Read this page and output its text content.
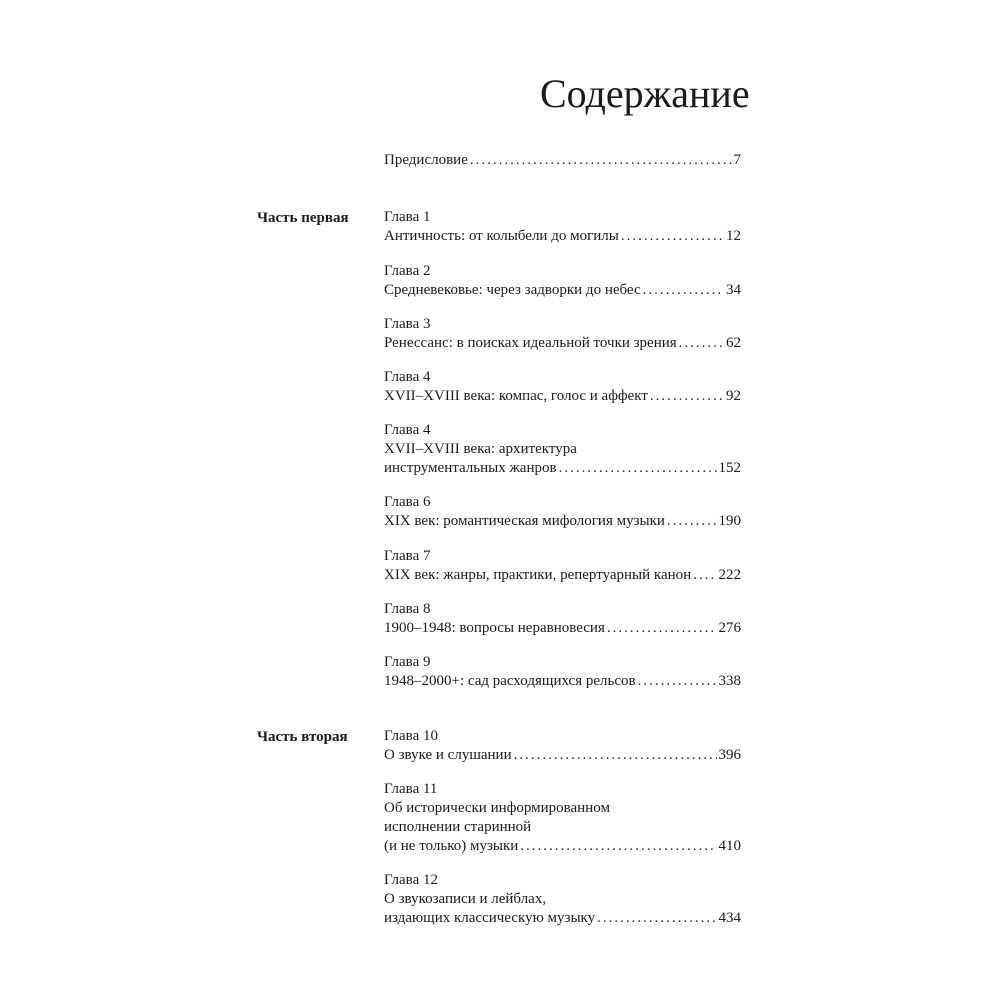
Содержание
Предисловие .....	7
Часть первая Глава 1
Античность: от колыбели до могилы .....	12
Глава 2
Средневековье: через задворки до небес .....	34
Глава 3
Ренессанс: в поисках идеальной точки зрения .....	62
Глава 4
XVII–XVIII века: компас, голос и аффект .....	92
Глава 4
XVII–XVIII века: архитектура
инструментальных жанров .....	152
Глава 6
XIX век: романтическая мифология музыки .....	190
Глава 7
XIX век: жанры, практики, репертуарный канон ..... 222
Глава 8
1900–1948: вопросы неравновесия .....	276
Глава 9
1948–2000+: сад расходящихся рельсов .....	338
Часть вторая Глава 10
О звуке и слушании .....	396
Глава 11
Об исторически информированном
исполнении старинной
(и не только) музыки .....	410
Глава 12
О звукозаписи и лейблах,
издающих классическую музыку .....	434
